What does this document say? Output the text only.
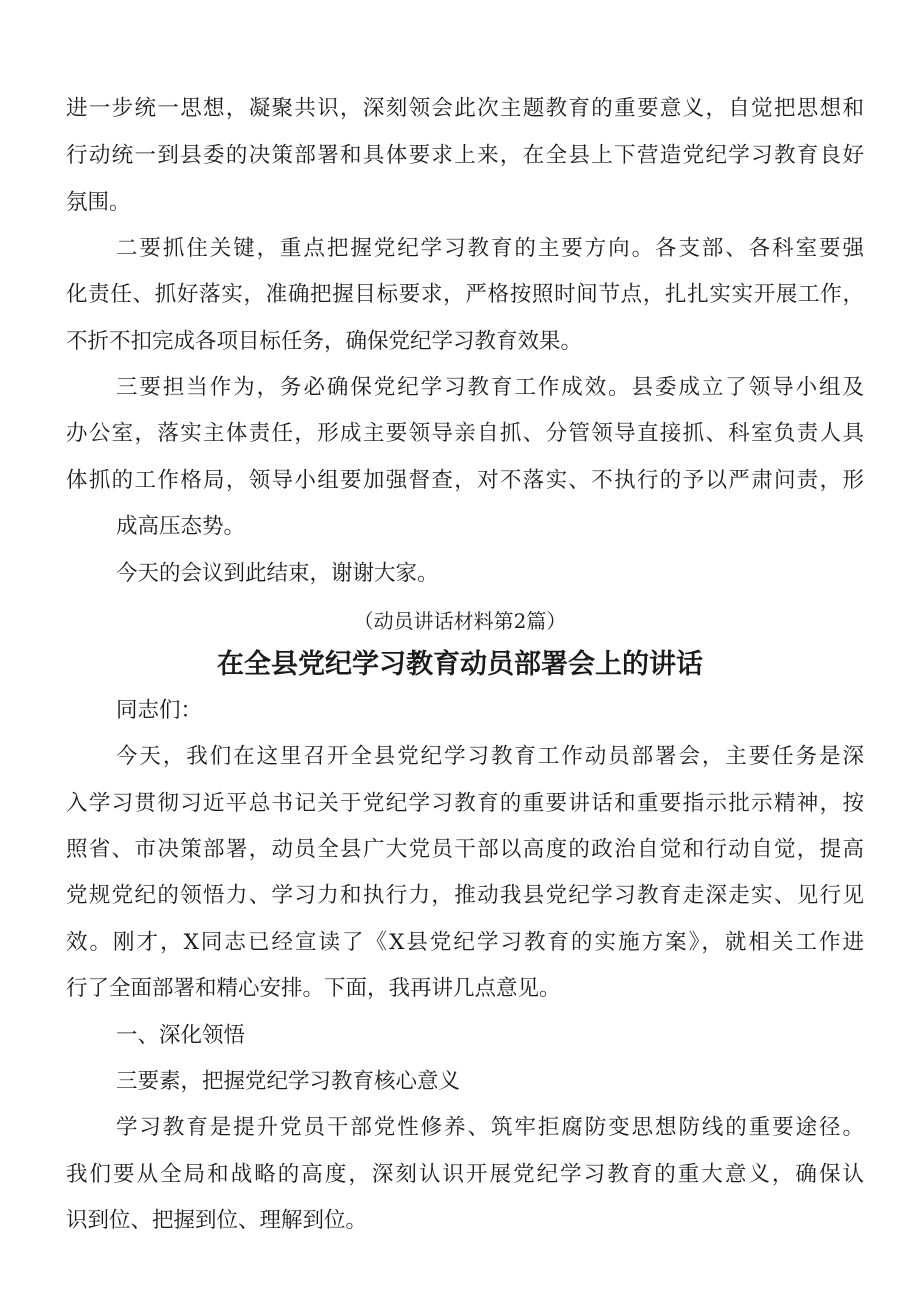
进一步统一思想，凝聚共识，深刻领会此次主题教育的重要意义，自觉把思想和

行动统一到县委的决策部署和具体要求上来，在全县上下营造党纪学习教育良好

氛围。

二要抓住关键，重点把握党纪学习教育的主要方向。各支部、各科室要强

化责任、抓好落实，准确把握目标要求，严格按照时间节点，扎扎实实开展工作，

不折不扣完成各项目标任务，确保党纪学习教育效果。

三要担当作为，务必确保党纪学习教育工作成效。县委成立了领导小组及

办公室，落实主体责任，形成主要领导亲自抓、分管领导直接抓、科室负责人具

体抓的工作格局，领导小组要加强督查，对不落实、不执行的予以严肃问责，形

成高压态势。

今天的会议到此结束，谢谢大家。

（动员讲话材料第2篇）

在全县党纪学习教育动员部署会上的讲话

同志们：

今天，我们在这里召开全县党纪学习教育工作动员部署会，主要任务是深

入学习贯彻习近平总书记关于党纪学习教育的重要讲话和重要指示批示精神，按

照省、市决策部署，动员全县广大党员干部以高度的政治自觉和行动自觉，提高

党规党纪的领悟力、学习力和执行力，推动我县党纪学习教育走深走实、见行见

效。刚才，X同志已经宣读了《X县党纪学习教育的实施方案》，就相关工作进

行了全面部署和精心安排。下面，我再讲几点意见。

一、深化领悟

三要素，把握党纪学习教育核心意义

学习教育是提升党员干部党性修养、筑牢拒腐防变思想防线的重要途径。

我们要从全局和战略的高度，深刻认识开展党纪学习教育的重大意义，确保认

识到位、把握到位、理解到位。
